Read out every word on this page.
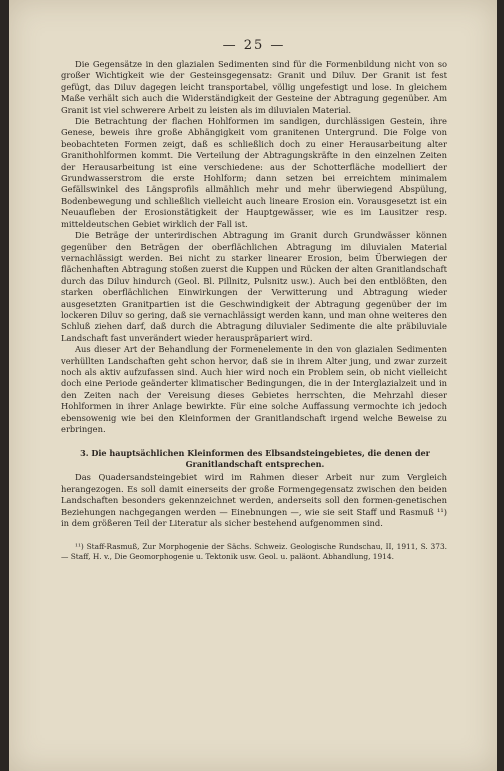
— 25 —

Die Gegensätze in den glazialen Sedimenten sind für die Formenbildung nicht von so großer Wichtigkeit wie der Gesteinsgegensatz: Granit und Diluv. Der Granit ist fest gefügt, das Diluv dagegen leicht transportabel, völlig ungefestigt und lose. In gleichem Maße verhält sich auch die Widerständigkeit der Gesteine der Abtragung gegenüber. Am Granit ist viel schwerere Arbeit zu leisten als im diluvialen Material.

Die Betrachtung der flachen Hohlformen im sandigen, durchlässigen Gestein, ihre Genese, beweis ihre große Abhängigkeit vom granitenen Untergrund. Die Folge von beobachteten Formen zeigt, daß es schließlich doch zu einer Herausarbeitung alter Granithohlformen kommt. Die Verteilung der Abtragungskräfte in den einzelnen Zeiten der Herausarbeitung ist eine verschiedene: aus der Schotterfläche modelliert der Grundwasserstrom die erste Hohlform; dann setzen bei erreichtem minimalem Gefällswinkel des Längsprofils allmählich mehr und mehr überwiegend Abspülung, Bodenbewegung und schließlich vielleicht auch lineare Erosion ein. Vorausgesetzt ist ein Neuaufleben der Erosionstätigkeit der Hauptgewässer, wie es im Lausitzer resp. mitteldeutschen Gebiet wirklich der Fall ist.

Die Beträge der unterirdischen Abtragung im Granit durch Grundwässer können gegenüber den Beträgen der oberflächlichen Abtragung im diluvialen Material vernachlässigt werden. Bei nicht zu starker linearer Erosion, beim Überwiegen der flächenhaften Abtragung stoßen zuerst die Kuppen und Rücken der alten Granitlandschaft durch das Diluv hindurch (Geol. Bl. Pillnitz, Pulsnitz usw.). Auch bei den entblößten, den starken oberflächlichen Einwirkungen der Verwitterung und Abtragung wieder ausgesetzten Granitpartien ist die Geschwindigkeit der Abtragung gegenüber der im lockeren Diluv so gering, daß sie vernachlässigt werden kann, und man ohne weiteres den Schluß ziehen darf, daß durch die Abtragung diluvialer Sedimente die alte präbiluviale Landschaft fast unverändert wieder herauspräpariert wird.

Aus dieser Art der Behandlung der Formenelemente in den von glazialen Sedimenten verhüllten Landschaften geht schon hervor, daß sie in ihrem Alter jung, und zwar zurzeit noch als aktiv aufzufassen sind. Auch hier wird noch ein Problem sein, ob nicht vielleicht doch eine Periode geänderter klimatischer Bedingungen, die in der Interglazialzeit und in den Zeiten nach der Vereisung dieses Gebietes herrschten, die Mehrzahl dieser Hohlformen in ihrer Anlage bewirkte. Für eine solche Auffassung vermochte ich jedoch ebensowenig wie bei den Kleinformen der Granitlandschaft irgend welche Beweise zu erbringen.

3. Die hauptsächlichen Kleinformen des Elbsandsteingebietes, die denen der Granitlandschaft entsprechen.

Das Quadersandsteingebiet wird im Rahmen dieser Arbeit nur zum Vergleich herangezogen. Es soll damit einerseits der große Formengegensatz zwischen den beiden Landschaften besonders gekennzeichnet werden, anderseits soll den formen-genetischen Beziehungen nachgegangen werden — Einebnungen —, wie sie seit Staff und Rasmuß ¹¹) in dem größeren Teil der Literatur als sicher bestehend aufgenommen sind.

¹¹) Staff-Rasmuß, Zur Morphogenie der Sächs. Schweiz. Geologische Rundschau, II, 1911, S. 373. — Staff, H. v., Die Geomorphogenie u. Tektonik usw. Geol. u. paläont. Abhandlung, 1914.
